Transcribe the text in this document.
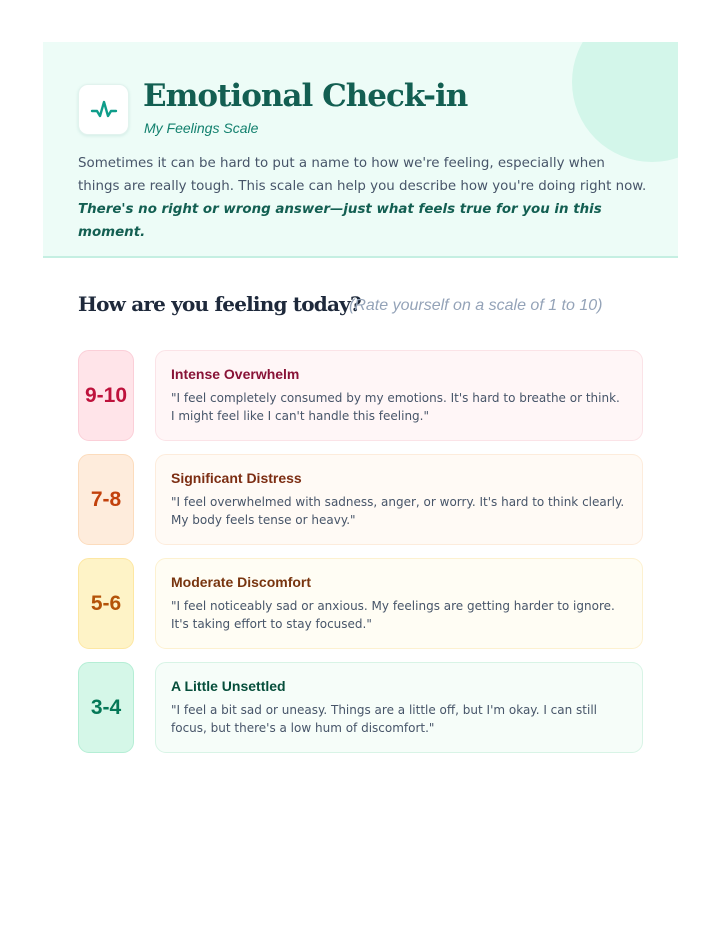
Emotional Check-in
My Feelings Scale

Sometimes it can be hard to put a name to how we're feeling, especially when things are really tough. This scale can help you describe how you're doing right now. There's no right or wrong answer—just what feels true for you in this moment.

How are you feeling today?
(Rate yourself on a scale of 1 to 10)
9-10
Intense Overwhelm
"I feel completely consumed by my emotions. It's hard to breathe or think. I might feel like I can't handle this feeling."
7-8
Significant Distress
"I feel overwhelmed with sadness, anger, or worry. It's hard to think clearly. My body feels tense or heavy."
5-6
Moderate Discomfort
"I feel noticeably sad or anxious. My feelings are getting harder to ignore. It's taking effort to stay focused."
3-4
A Little Unsettled
"I feel a bit sad or uneasy. Things are a little off, but I'm okay. I can still focus, but there's a low hum of discomfort."
